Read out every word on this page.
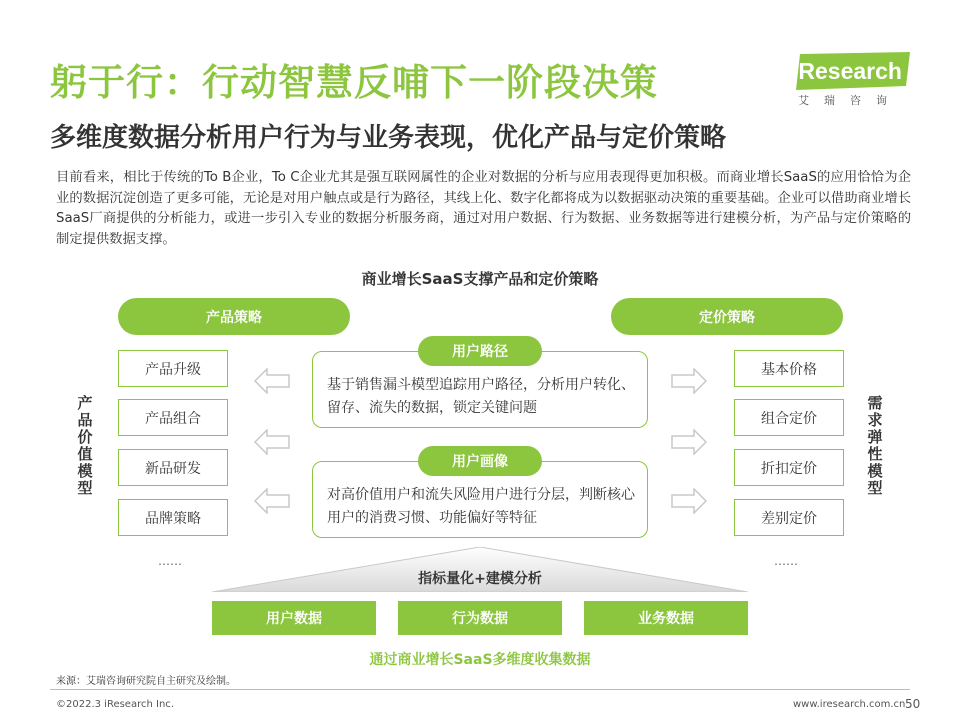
躬于行：行动智慧反哺下一阶段决策
多维度数据分析用户行为与业务表现，优化产品与定价策略
iResearch
艾瑞咨询
目前看来，相比于传统的To B企业，To C企业尤其是强互联网属性的企业对数据的分析与应用表现得更加积极。而商业增长SaaS的应用恰恰为企业的数据沉淀创造了更多可能，无论是对用户触点或是行为路径，其线上化、数字化都将成为以数据驱动决策的重要基础。企业可以借助商业增长SaaS厂商提供的分析能力，或进一步引入专业的数据分析服务商，通过对用户数据、行为数据、业务数据等进行建模分析，为产品与定价策略的制定提供数据支撑。
商业增长SaaS支撑产品和定价策略
产品策略	定价策略
产品价值模型
需求弹性模型
产品升级
产品组合
新品研发
品牌策略
……
基本价格
组合定价
折扣定价
差别定价
……
基于销售漏斗模型追踪用户路径，分析用户转化、留存、流失的数据，锁定关键问题
用户路径
对高价值用户和流失风险用户进行分层，判断核心用户的消费习惯、功能偏好等特征
用户画像
指标量化+建模分析
用户数据	行为数据	业务数据
通过商业增长SaaS多维度收集数据
来源：艾瑞咨询研究院自主研究及绘制。
©2022.3 iResearch Inc.	www.iresearch.com.cn 50
